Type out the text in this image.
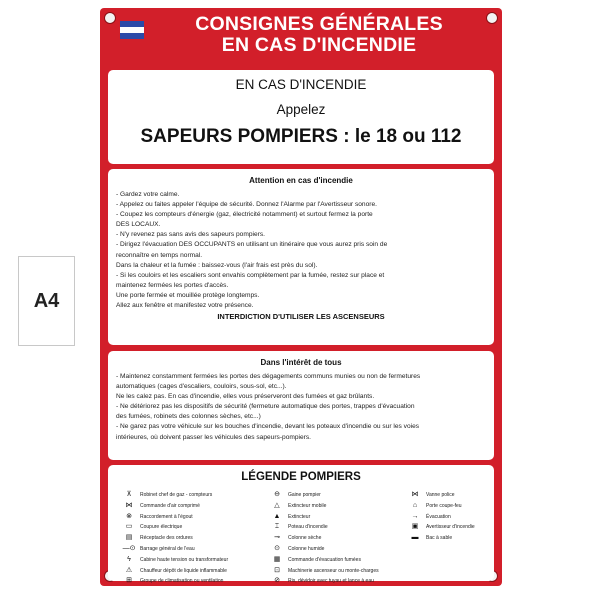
A4
CONSIGNES GÉNÉRALES
EN CAS D'INCENDIE
EN CAS D'INCENDIE
Appelez
SAPEURS POMPIERS : le 18 ou 112
Attention en cas d'incendie
- Gardez votre calme.
- Appelez ou faites appeler l'équipe de sécurité. Donnez l'Alarme par l'Avertisseur sonore.
- Coupez les compteurs d'énergie (gaz, électricité notamment) et surtout fermez la porte
DES LOCAUX.
- N'y revenez pas sans avis des sapeurs pompiers.
- Dirigez l'évacuation DES OCCUPANTS en utilisant un itinéraire que vous aurez pris soin de
reconnaître en temps normal.
Dans la chaleur et la fumée : baissez-vous (l'air frais est près du sol).
- Si les couloirs et les escaliers sont envahis complètement par la fumée, restez sur place et
maintenez fermées les portes d'accès.
Une porte fermée et mouillée protège longtemps.
Allez aux fenêtre et manifestez votre présence.
INTERDICTION D'UTILISER LES ASCENSEURS
Dans l'intérêt de tous
- Maintenez constamment fermées les portes des dégagements communs munies ou non de fermetures
automatiques (cages d'escaliers, couloirs, sous-sol, etc...).
Ne les calez pas. En cas d'incendie, elles vous préserveront des fumées et gaz brûlants.
- Ne détériorez pas les dispositifs de sécurité (fermeture automatique des portes, trappes d'évacuation
des fumées, robinets des colonnes sèches, etc...)
- Ne garez pas votre véhicule sur les bouches d'incendie, devant les poteaux d'incendie ou sur les voies
intérieures, où doivent passer les véhicules des sapeurs-pompiers.
LÉGENDE POMPIERS
⊼	Robinet chef de gaz - compteurs
⋈	Commande d'air comprimé
⊗	Raccordement à l'égout
▭	Coupure électrique
▤	Réceptacle des ordures
—⊙ Barrage général de l'eau
ϟ	Cabine haute tension ou transformateur
⚠	Chauffeur dépôt de liquide inflammable
⊞	Groupe de climatisation ou ventilation
⊖	Gaine pompier
△	Extincteur mobile
▲	Extincteur
⌶	Poteau d'incendie
⊸	Colonne sèche
⊙	Colonne humide
▦	Commande d'évacuation fumées
⊡	Machinerie ascenseur ou monte-charges
⊘	Ris, dévidoir avec tuyau et lance à eau
⋈	Vanne police
⌂	Porte coupe-feu
→	Évacuation
▣	Avertisseur d'incendie
▬	Bac à sable
